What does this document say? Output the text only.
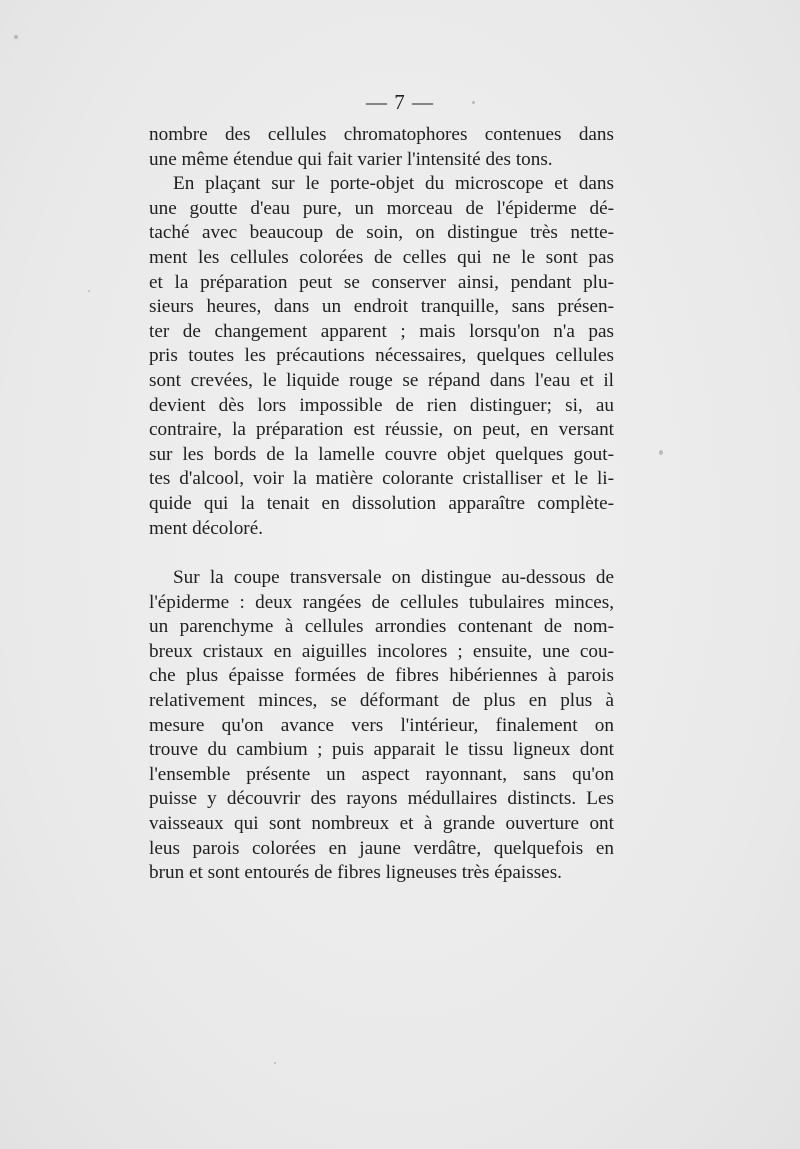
— 7 —
nombre des cellules chromatophores contenues dans
une même étendue qui fait varier l'intensité des tons.
En plaçant sur le porte-objet du microscope et dans
une goutte d'eau pure, un morceau de l'épiderme dé-
taché avec beaucoup de soin, on distingue très nette-
ment les cellules colorées de celles qui ne le sont pas
et la préparation peut se conserver ainsi, pendant plu-
sieurs heures, dans un endroit tranquille, sans présen-
ter de changement apparent ; mais lorsqu'on n'a pas
pris toutes les précautions nécessaires, quelques cellules
sont crevées, le liquide rouge se répand dans l'eau et il
devient dès lors impossible de rien distinguer; si, au
contraire, la préparation est réussie, on peut, en versant
sur les bords de la lamelle couvre objet quelques gout-
tes d'alcool, voir la matière colorante cristalliser et le li-
quide qui la tenait en dissolution apparaître complète-
ment décoloré.
Sur la coupe transversale on distingue au-dessous de
l'épiderme : deux rangées de cellules tubulaires minces,
un parenchyme à cellules arrondies contenant de nom-
breux cristaux en aiguilles incolores ; ensuite, une cou-
che plus épaisse formées de fibres hibériennes à parois
relativement minces, se déformant de plus en plus à
mesure qu'on avance vers l'intérieur, finalement on
trouve du cambium ; puis apparait le tissu ligneux dont
l'ensemble présente un aspect rayonnant, sans qu'on
puisse y découvrir des rayons médullaires distincts. Les
vaisseaux qui sont nombreux et à grande ouverture ont
leus parois colorées en jaune verdâtre, quelquefois en
brun et sont entourés de fibres ligneuses très épaisses.
